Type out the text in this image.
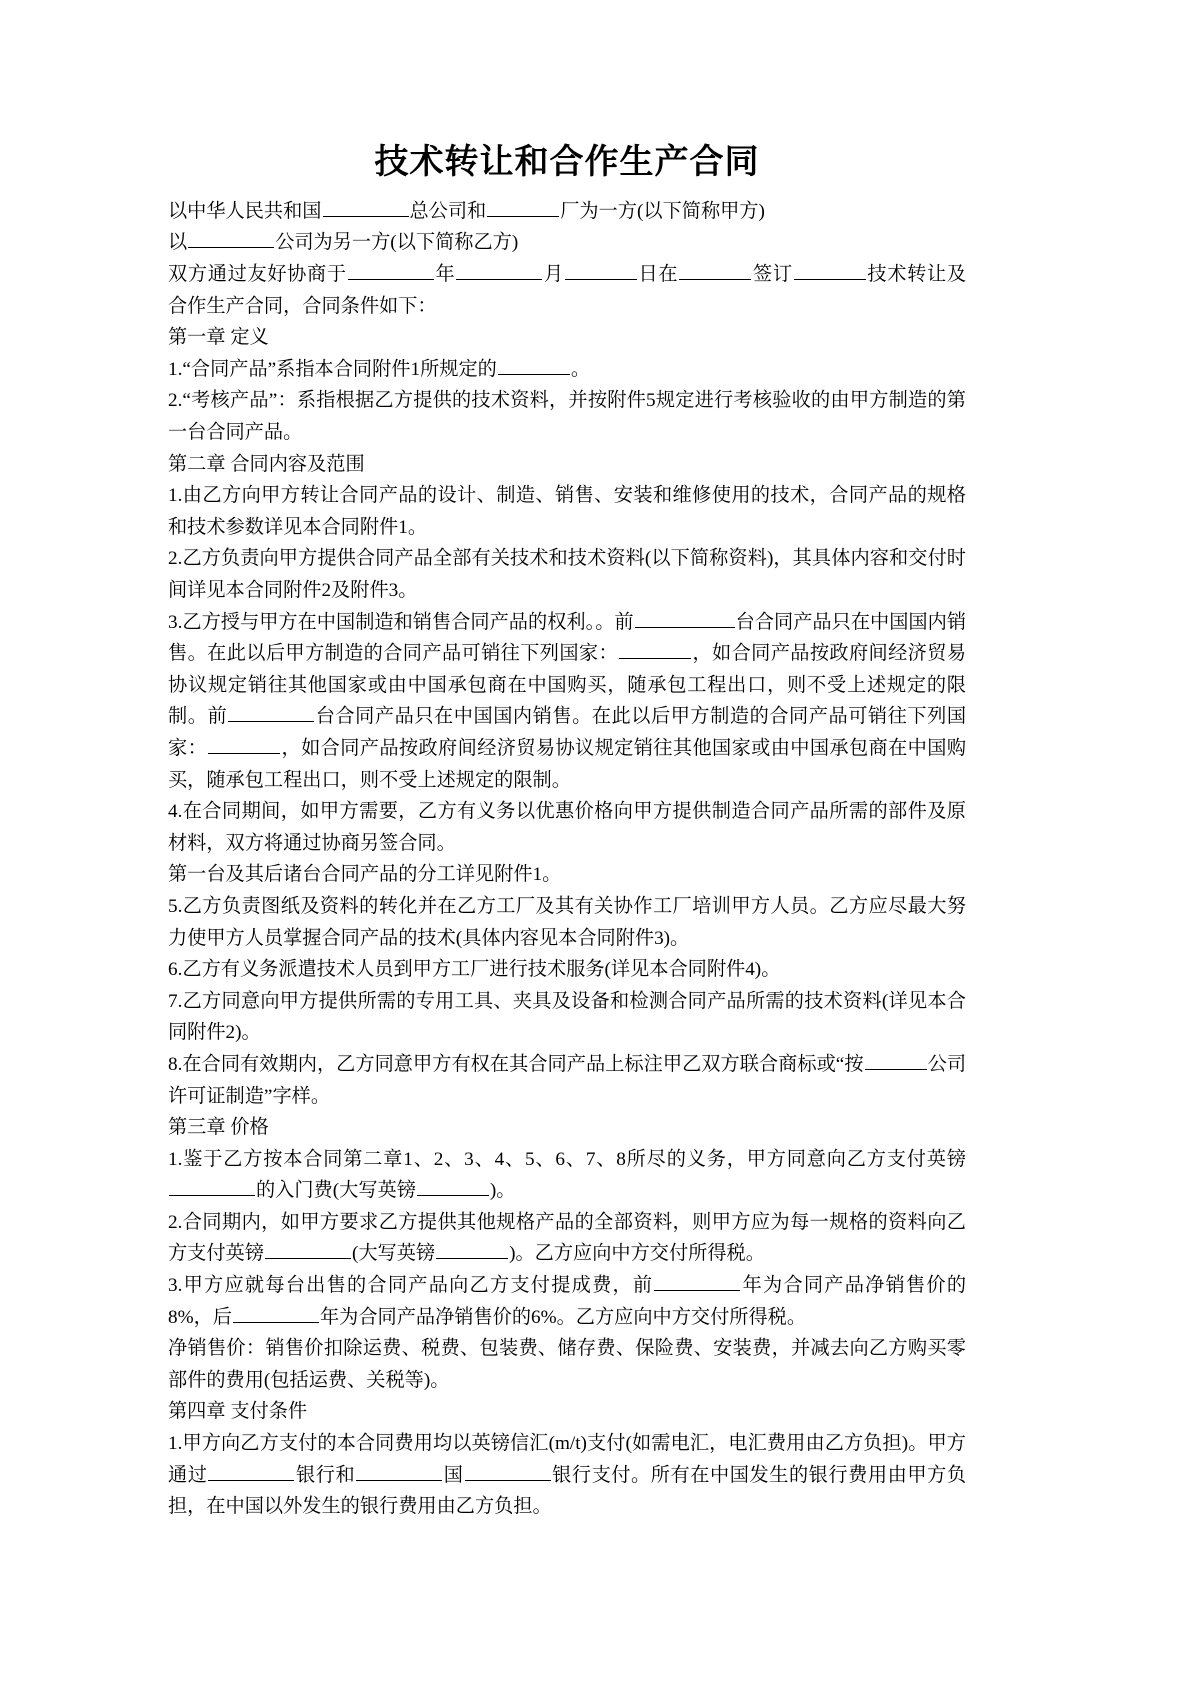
技术转让和合作生产合同

以中华人民共和国	总公司和	厂为一方(以下简称甲方)

以	公司为另一方(以下简称乙方)

双方通过友好协商于	年	月	日在	签订	技术转让及合作生产合同，合同条件如下：

第一章 定义

1.“合同产品”系指本合同附件1所规定的	。

2.“考核产品”：系指根据乙方提供的技术资料，并按附件5规定进行考核验收的由甲方制造的第一台合同产品。

第二章 合同内容及范围

1.由乙方向甲方转让合同产品的设计、制造、销售、安装和维修使用的技术，合同产品的规格和技术参数详见本合同附件1。

2.乙方负责向甲方提供合同产品全部有关技术和技术资料(以下简称资料)，其具体内容和交付时间详见本合同附件2及附件3。

3.乙方授与甲方在中国制造和销售合同产品的权利。。前	台合同产品只在中国国内销售。在此以后甲方制造的合同产品可销往下列国家：	，如合同产品按政府间经济贸易协议规定销往其他国家或由中国承包商在中国购买，随承包工程出口，则不受上述规定的限制。前	台合同产品只在中国国内销售。在此以后甲方制造的合同产品可销往下列国家：	，如合同产品按政府间经济贸易协议规定销往其他国家或由中国承包商在中国购买，随承包工程出口，则不受上述规定的限制。

4.在合同期间，如甲方需要，乙方有义务以优惠价格向甲方提供制造合同产品所需的部件及原材料，双方将通过协商另签合同。

第一台及其后诸台合同产品的分工详见附件1。

5.乙方负责图纸及资料的转化并在乙方工厂及其有关协作工厂培训甲方人员。乙方应尽最大努力使甲方人员掌握合同产品的技术(具体内容见本合同附件3)。

6.乙方有义务派遣技术人员到甲方工厂进行技术服务(详见本合同附件4)。

7.乙方同意向甲方提供所需的专用工具、夹具及设备和检测合同产品所需的技术资料(详见本合同附件2)。

8.在合同有效期内，乙方同意甲方有权在其合同产品上标注甲乙双方联合商标或“按	公司许可证制造”字样。

第三章 价格

1.鉴于乙方按本合同第二章1、2、3、4、5、6、7、8所尽的义务，甲方同意向乙方支付英镑的入门费(大写英镑	)。

2.合同期内，如甲方要求乙方提供其他规格产品的全部资料，则甲方应为每一规格的资料向乙方支付英镑	(大写英镑	)。乙方应向中方交付所得税。

3.甲方应就每台出售的合同产品向乙方支付提成费，前	年为合同产品净销售价的8%，后	年为合同产品净销售价的6%。乙方应向中方交付所得税。

净销售价：销售价扣除运费、税费、包装费、储存费、保险费、安装费，并减去向乙方购买零部件的费用(包括运费、关税等)。

第四章 支付条件

1.甲方向乙方支付的本合同费用均以英镑信汇(m/t)支付(如需电汇，电汇费用由乙方负担)。甲方通过	银行和	国	银行支付。所有在中国发生的银行费用由甲方负担，在中国以外发生的银行费用由乙方负担。
